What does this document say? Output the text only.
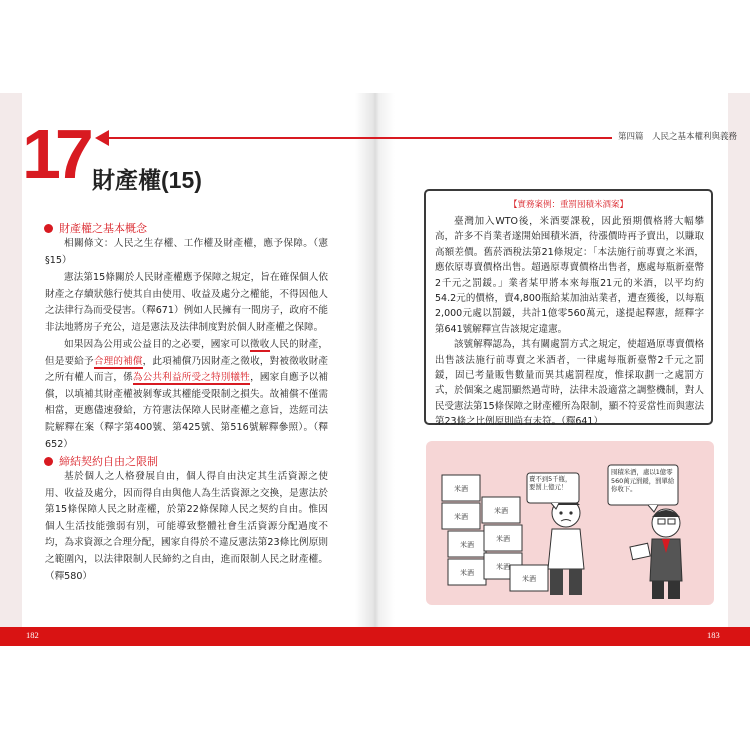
17	第四篇　人民之基本權利與義務
財產權(15)
財產權之基本概念
相關條文：人民之生存權、工作權及財產權，應予保障。（憲§15）
憲法第15條關於人民財產權應予保障之規定，旨在確保個人依財產之存續狀態行使其自由使用、收益及處分之權能，不得因他人之法律行為而受侵害。（釋671）例如人民擁有一間房子，政府不能非法地將房子充公，這是憲法及法律制度對於個人財產權之保障。
如果因為公用或公益目的之必要，國家可以徵收人民的財產，但是要給予合理的補償，此項補償乃因財產之徵收，對被徵收財產之所有權人而言，係為公共利益所受之特別犧牲，國家自應予以補償，以填補其財產權被剝奪或其權能受限制之損失。故補償不僅需相當，更應儘速發給，方符憲法保障人民財產權之意旨，迭經司法院解釋在案（釋字第400號、第425號、第516號解釋參照）。（釋652）
締結契約自由之限制
基於個人之人格發展自由，個人得自由決定其生活資源之使用、收益及處分，因而得自由與他人為生活資源之交換，是憲法於第15條保障人民之財產權，於第22條保障人民之契約自由。惟因個人生活技能強弱有別，可能導致整體社會生活資源分配過度不均，為求資源之合理分配，國家自得於不違反憲法第23條比例原則之範圍內，以法律限制人民締約之自由，進而限制人民之財產權。（釋580）
【實務案例：重罰囤積米酒案】
臺灣加入WTO後，米酒要課稅，因此預期價格將大幅攀高，許多不肖業者遂開始囤積米酒，待漲價時再予賣出，以賺取高額差價。舊菸酒稅法第21條規定：「本法施行前專賣之米酒，應依原專賣價格出售。超過原專賣價格出售者，應處每瓶新臺幣2千元之罰鍰。」業者某甲將本來每瓶21元的米酒，以平均約54.2元的價格，賣4,800瓶給某加油站業者，遭查獲後，以每瓶2,000元處以罰鍰，共計1億零560萬元，遂提起釋憲，經釋字第641號解釋宣告該規定違憲。
該號解釋認為，其有關處罰方式之規定，使超過原專賣價格出售該法施行前專賣之米酒者，一律處每瓶新臺幣2千元之罰鍰，固已考量販售數量而異其處罰程度，惟採取劃一之處罰方式，於個案之處罰顯然過苛時，法律未設適當之調整機制，對人民受憲法第15條保障之財產權所為限制，顯不符妥當性而與憲法第23條之比例原則尚有未符。（釋641）
米酒
米酒
米酒
米酒
米酒
米酒
米酒
米酒
賣不到5千瓶，要罰上億元！
囤積米酒，處以1億零560萬元罰鍰，罰單給你收下。
182	183
